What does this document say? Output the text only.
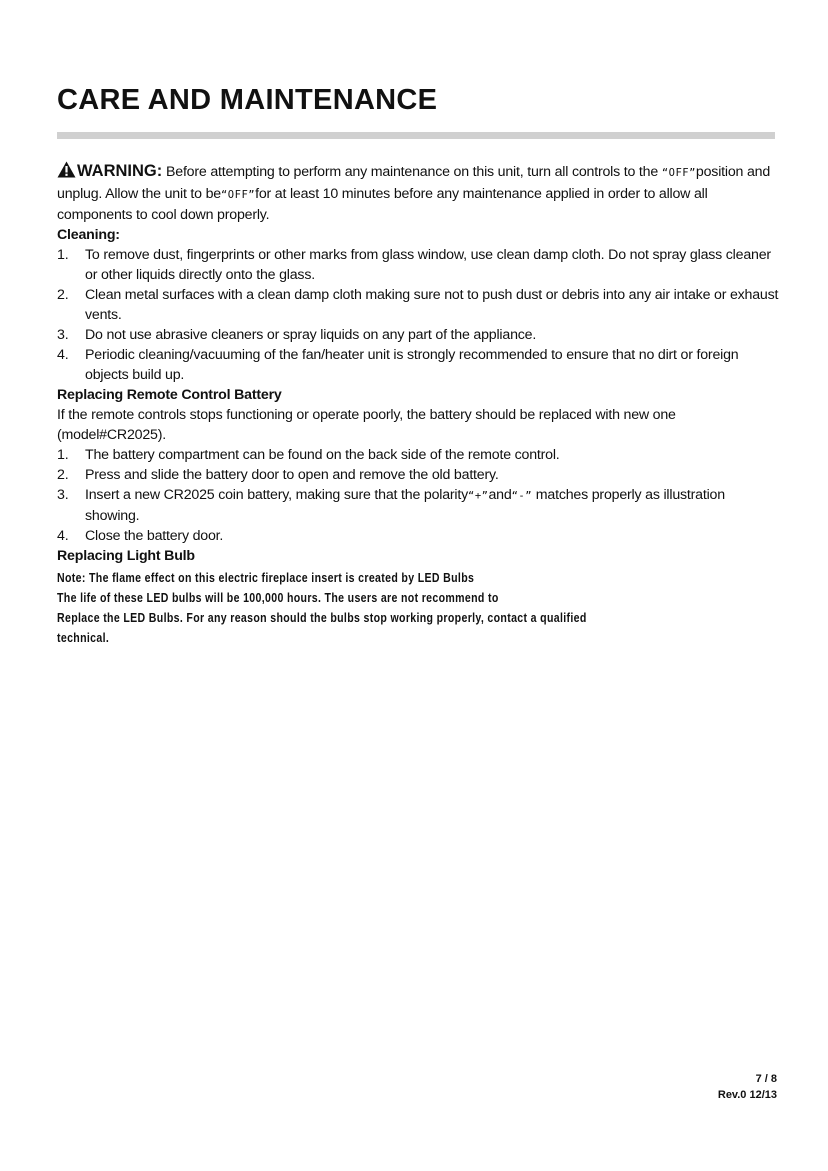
CARE AND MAINTENANCE

WARNING: Before attempting to perform any maintenance on this unit, turn all controls to the “OFF”position and unplug. Allow the unit to be“OFF”for at least 10 minutes before any maintenance applied in order to allow all components to cool down properly.

Cleaning:

1. To remove dust, fingerprints or other marks from glass window, use clean damp cloth. Do not spray glass cleaner or other liquids directly onto the glass.
2. Clean metal surfaces with a clean damp cloth making sure not to push dust or debris into any air intake or exhaust vents.
3. Do not use abrasive cleaners or spray liquids on any part of the appliance.
4. Periodic cleaning/vacuuming of the fan/heater unit is strongly recommended to ensure that no dirt or foreign objects build up.

Replacing Remote Control Battery

If the remote controls stops functioning or operate poorly, the battery should be replaced with new one (model#CR2025).

1. The battery compartment can be found on the back side of the remote control.
2. Press and slide the battery door to open and remove the old battery.
3. Insert a new CR2025 coin battery, making sure that the polarity“+”and“-” matches properly as illustration showing.
4. Close the battery door.

Replacing Light Bulb

Note: The flame effect on this electric fireplace insert is created by LED Bulbs
The life of these LED bulbs will be 100,000 hours. The users are not recommend to
Replace the LED Bulbs. For any reason should the bulbs stop working properly, contact a qualified
technical.
7 / 8
Rev.0 12/13
